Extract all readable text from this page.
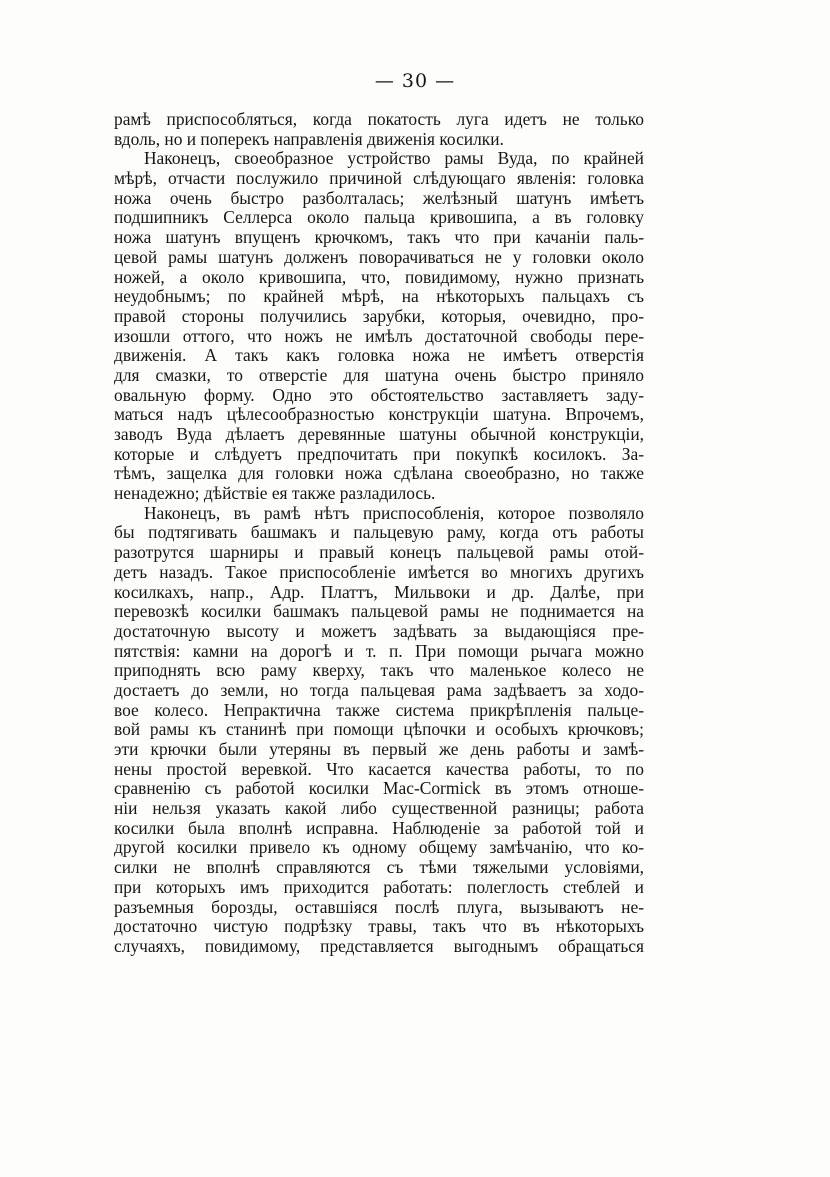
— 30 —
рамѣ приспособляться, когда покатость луга идетъ не только
вдоль, но и поперекъ направленія движенія косилки.
Наконецъ, своеобразное устройство рамы Вуда, по крайней
мѣрѣ, отчасти послужило причиной слѣдующаго явленія: головка
ножа очень быстро разболталась; желѣзный шатунъ имѣетъ
подшипникъ Селлерса около пальца кривошипа, а въ головку
ножа шатунъ впущенъ крючкомъ, такъ что при качаніи паль-
цевой рамы шатунъ долженъ поворачиваться не у головки около
ножей, а около кривошипа, что, повидимому, нужно признать
неудобнымъ; по крайней мѣрѣ, на нѣкоторыхъ пальцахъ съ
правой стороны получились зарубки, которыя, очевидно, про-
изошли оттого, что ножъ не имѣлъ достаточной свободы пере-
движенія. А такъ какъ головка ножа не имѣетъ отверстія
для смазки, то отверстіе для шатуна очень быстро приняло
овальную форму. Одно это обстоятельство заставляетъ заду-
маться надъ цѣлесообразностью конструкціи шатуна. Впрочемъ,
заводъ Вуда дѣлаетъ деревянные шатуны обычной конструкціи,
которые и слѣдуетъ предпочитать при покупкѣ косилокъ. За-
тѣмъ, защелка для головки ножа сдѣлана своеобразно, но также
ненадежно; дѣйствіе ея также разладилось.
Наконецъ, въ рамѣ нѣтъ приспособленія, которое позволяло
бы подтягивать башмакъ и пальцевую раму, когда отъ работы
разотрутся шарниры и правый конецъ пальцевой рамы отой-
детъ назадъ. Такое приспособленіе имѣется во многихъ другихъ
косилкахъ, напр., Адр. Платтъ, Мильвоки и др. Далѣе, при
перевозкѣ косилки башмакъ пальцевой рамы не поднимается на
достаточную высоту и можетъ задѣвать за выдающіяся пре-
пятствія: камни на дорогѣ и т. п. При помощи рычага можно
приподнять всю раму кверху, такъ что маленькое колесо не
достаетъ до земли, но тогда пальцевая рама задѣваетъ за ходо-
вое колесо. Непрактична также система прикрѣпленія пальце-
вой рамы къ станинѣ при помощи цѣпочки и особыхъ крючковъ;
эти крючки были утеряны въ первый же день работы и замѣ-
нены простой веревкой. Что касается качества работы, то по
сравненію съ работой косилки Mac-Cormick въ этомъ отноше-
ніи нельзя указать какой либо существенной разницы; работа
косилки была вполнѣ исправна. Наблюденіе за работой той и
другой косилки привело къ одному общему замѣчанію, что ко-
силки не вполнѣ справляются съ тѣми тяжелыми условіями,
при которыхъ имъ приходится работать: полеглость стеблей и
разъемныя борозды, оставшіяся послѣ плуга, вызываютъ не-
достаточно чистую подрѣзку травы, такъ что въ нѣкоторыхъ
случаяхъ, повидимому, представляется выгоднымъ обращаться
